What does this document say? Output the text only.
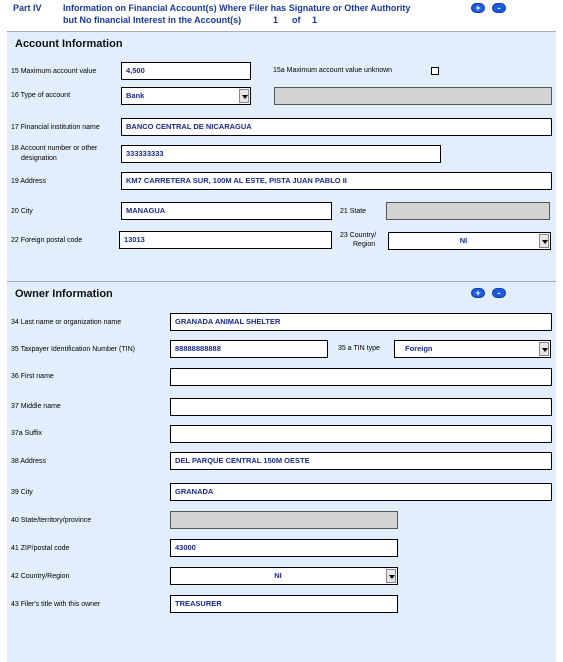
Part IV Information on Financial Account(s) Where Filer has Signature or Other Authority
but No financial Interest in the Account(s)	1 of 1
+	-
Account Information
15 Maximum account value	4,500	15a Maximum account value unknown
16 Type of account	Bank
17 Financial institution name	BANCO CENTRAL DE NICARAGUA
18 Account number or other
designation
333333333
19 Address	KM7 CARRETERA SUR, 100M AL ESTE, PISTA JUAN PABLO II
20 City	MANAGUA	21 State
22 Foreign postal code	13013	23 Country/
Region	NI
Owner Information	+	-
34 Last name or organization name	GRANADA ANIMAL SHELTER
35 Taxpayer Identification Number (TIN)	88888888888	35 a TIN type	Foreign
36 First name
37 Middle name
37a Suffix
38 Address	DEL PARQUE CENTRAL 150M OESTE
39 City	GRANADA
40 State/territory/province
41 ZIP/postal code	43000
42 Country/Region	NI
43 Filer's title with this owner	TREASURER
